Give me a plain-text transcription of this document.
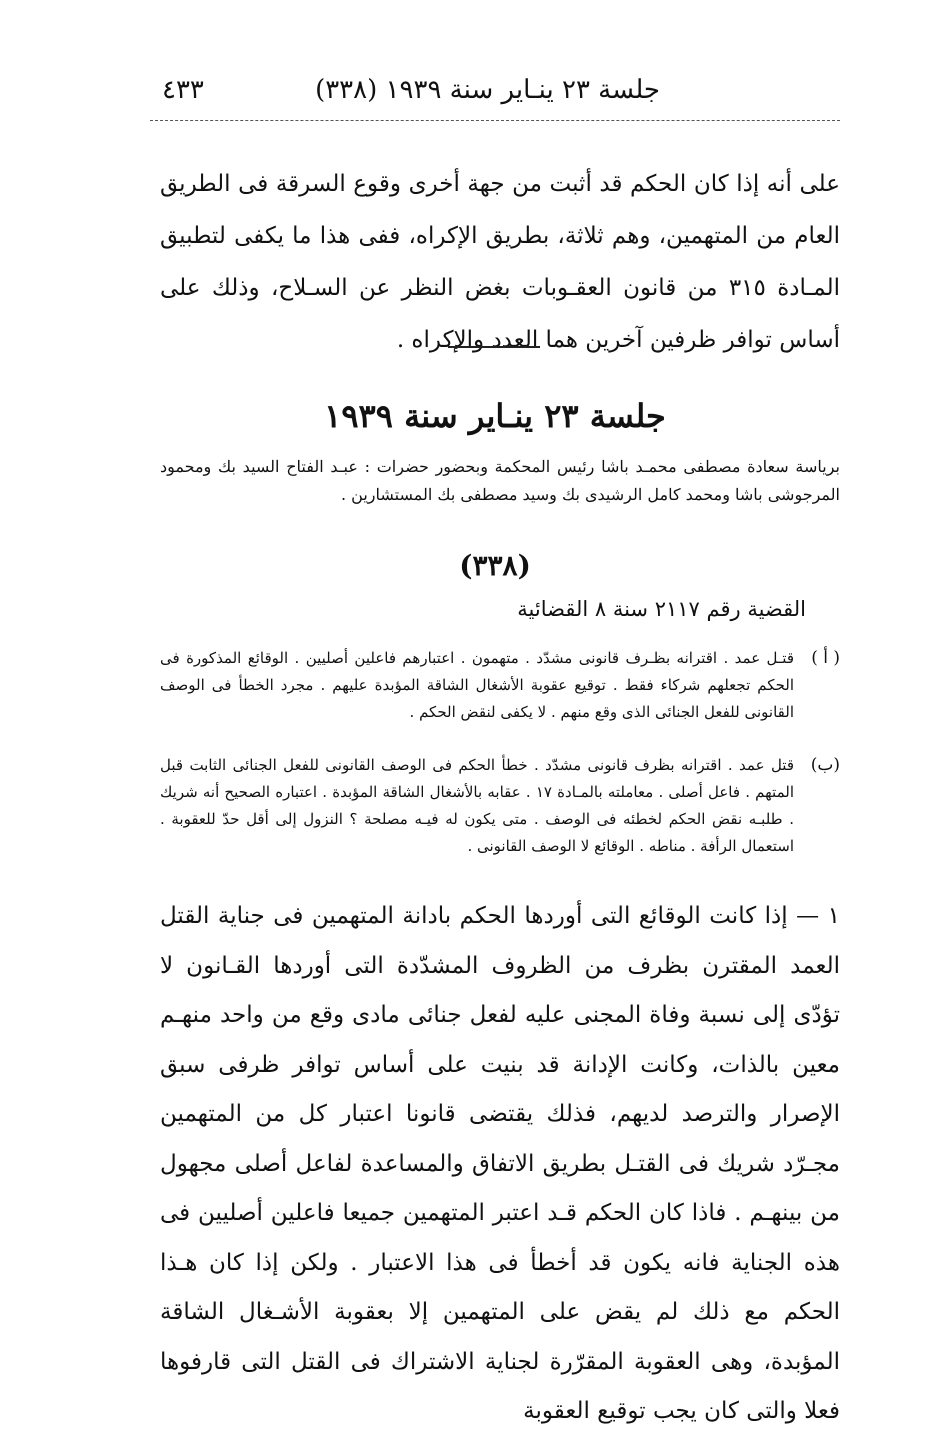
جلسة ٢٣ ينـاير سنة ١٩٣٩ (٣٣٨)
٤٣٣
على أنه إذا كان الحكم قد أثبت من جهة أخرى وقوع السرقة فى الطريق العام من المتهمين، وهم ثلاثة، بطريق الإكراه، ففى هذا ما يكفى لتطبيق المـادة ٣١٥ من قانون العقـوبات بغض النظر عن السـلاح، وذلك على أساس توافر ظرفين آخرين هما العدد والإكراه .
جلسة ٢٣ ينـاير سنة ١٩٣٩
برياسة سعادة مصطفى محمـد باشا رئيس المحكمة وبحضور حضرات : عبـد الفتاح السيد بك ومحمود المرجوشى باشا ومحمد كامل الرشيدى بك وسيد مصطفى بك المستشارين .
(٣٣٨)
القضية رقم ٢١١٧ سنة ٨ القضائية
( أ )
قتـل عمد . اقترانه بظـرف قانونى مشدّد . متهمون . اعتبارهم فاعلين أصليين . الوقائع المذكورة فى الحكم تجعلهم شركاء فقط . توقيع عقوبة الأشغال الشاقة المؤبدة عليهم . مجرد الخطأ فى الوصف القانونى للفعل الجنائى الذى وقع منهم . لا يكفى لنقض الحكم .
(ب)
قتل عمد . اقترانه بظرف قانونى مشدّد . خطأ الحكم فى الوصف القانونى للفعل الجنائى الثابت قبل المتهم . فاعل أصلى . معاملته بالمـادة ١٧ . عقابه بالأشغال الشاقة المؤبدة . اعتباره الصحيح أنه شريك . طلبـه نقض الحكم لخطئه فى الوصف . متى يكون له فيـه مصلحة ؟ النزول إلى أقل حدّ للعقوبة . استعمال الرأفة . مناطه . الوقائع لا الوصف القانونى .
١ — إذا كانت الوقائع التى أوردها الحكم بادانة المتهمين فى جناية القتل العمد المقترن بظرف من الظروف المشدّدة التى أوردها القـانون لا تؤدّى إلى نسبة وفاة المجنى عليه لفعل جنائى مادى وقع من واحد منهـم معين بالذات، وكانت الإدانة قد بنيت على أساس توافر ظرفى سبق الإصرار والترصد لديهم، فذلك يقتضى قانونا اعتبار كل من المتهمين مجـرّد شريك فى القتـل بطريق الاتفاق والمساعدة لفاعل أصلى مجهول من بينهـم . فاذا كان الحكم قـد اعتبر المتهمين جميعا فاعلين أصليين فى هذه الجناية فانه يكون قد أخطأ فى هذا الاعتبار . ولكن إذا كان هـذا الحكم مع ذلك لم يقض على المتهمين إلا بعقوبة الأشـغال الشاقة المؤبدة، وهى العقوبة المقرّرة لجناية الاشتراك فى القتل التى قارفوها فعلا والتى كان يجب توقيع العقوبة
